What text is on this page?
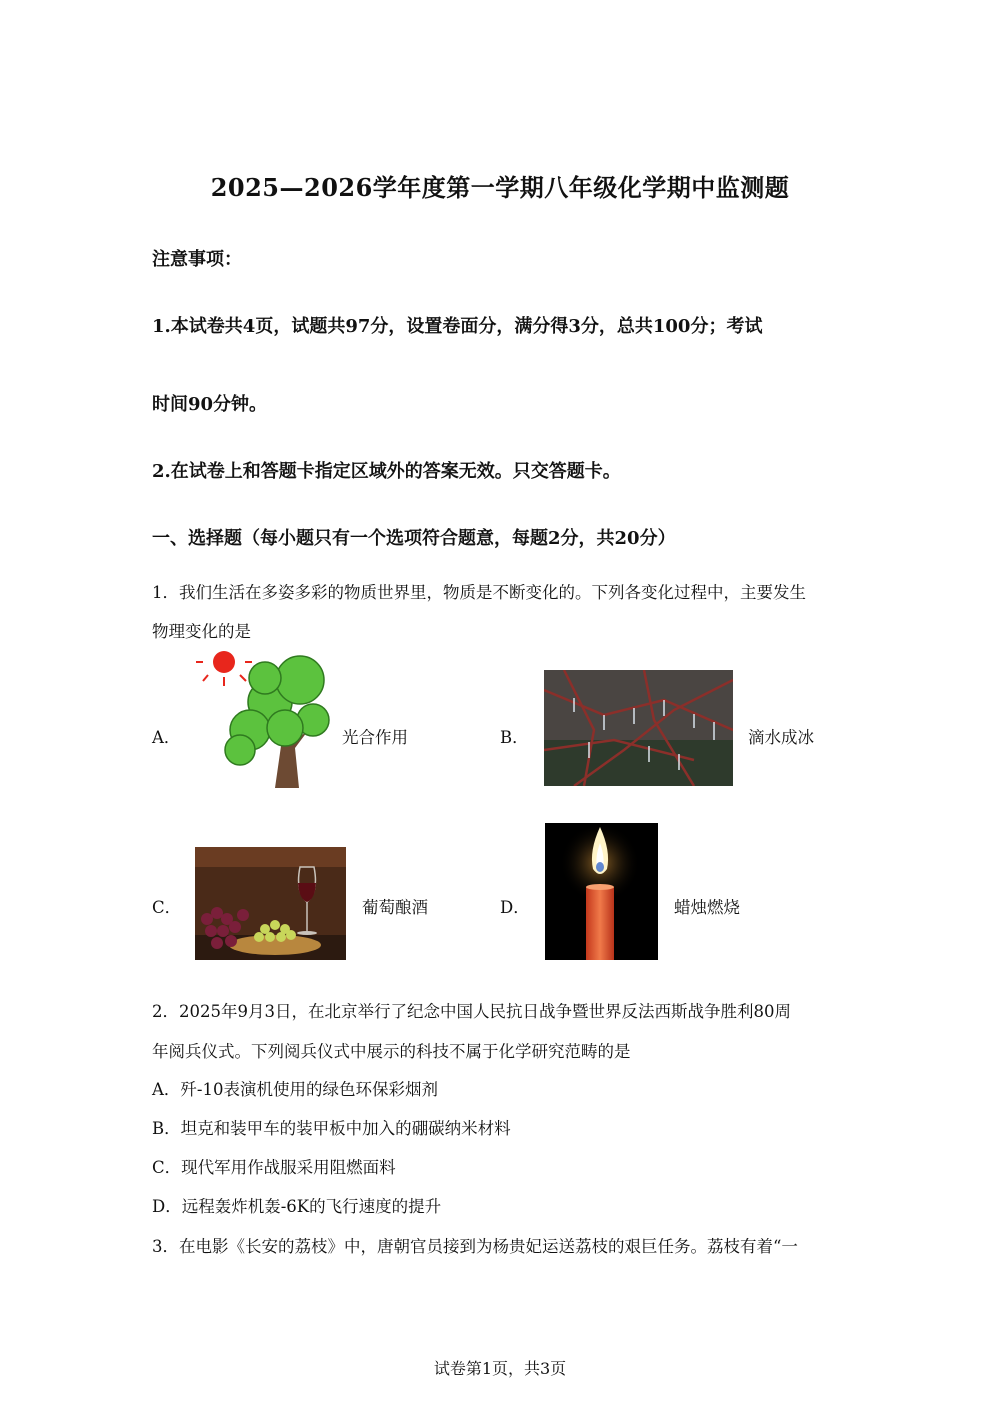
2025—2026学年度第一学期八年级化学期中监测题
注意事项：
1.本试卷共4页，试题共97分，设置卷面分，满分得3分，总共100分；考试
时间90分钟。
2.在试卷上和答题卡指定区域外的答案无效。只交答题卡。
一、选择题（每小题只有一个选项符合题意，每题2分，共20分）
1．我们生活在多姿多彩的物质世界里，物质是不断变化的。下列各变化过程中，主要发生
物理变化的是
A．	光合作用	B．	滴水成冰
C．	葡萄酿酒	D．	蜡烛燃烧
2．2025年9月3日，在北京举行了纪念中国人民抗日战争暨世界反法西斯战争胜利80周
年阅兵仪式。下列阅兵仪式中展示的科技不属于化学研究范畴的是
A．歼-10表演机使用的绿色环保彩烟剂
B．坦克和装甲车的装甲板中加入的硼碳纳米材料
C．现代军用作战服采用阻燃面料
D．远程轰炸机轰-6K的飞行速度的提升
3．在电影《长安的荔枝》中，唐朝官员接到为杨贵妃运送荔枝的艰巨任务。荔枝有着“一
试卷第1页，共3页
